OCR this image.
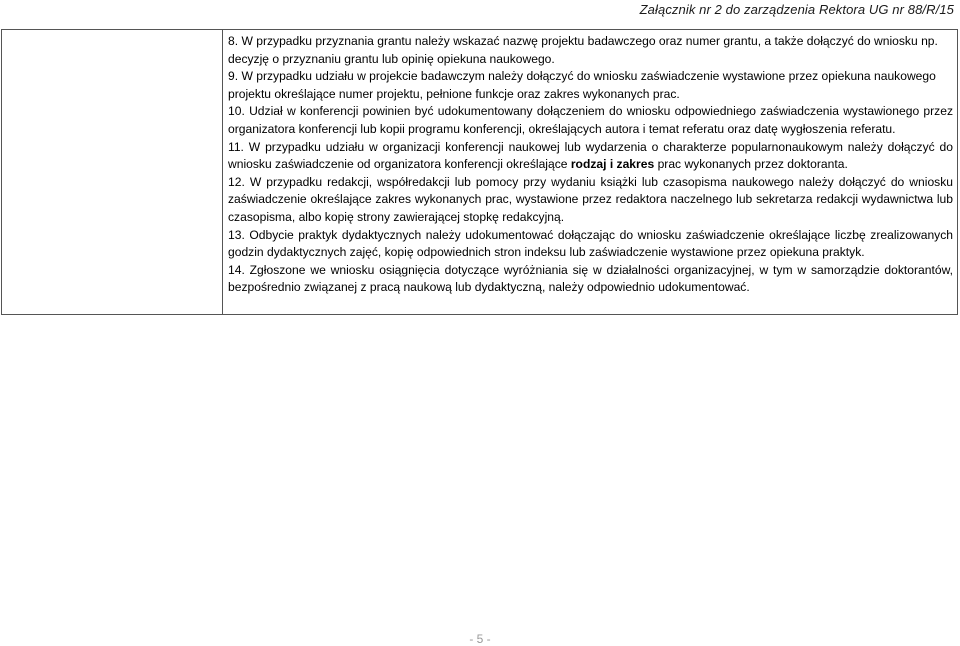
Załącznik nr 2 do zarządzenia Rektora UG nr 88/R/15

8. W przypadku przyznania grantu należy wskazać nazwę projektu badawczego oraz numer grantu, a także dołączyć do wniosku np. decyzję o przyznaniu grantu lub opinię opiekuna naukowego.

9. W przypadku udziału w projekcie badawczym należy dołączyć do wniosku zaświadczenie wystawione przez opiekuna naukowego projektu określające numer projektu, pełnione funkcje oraz zakres wykonanych prac.

10. Udział w konferencji powinien być udokumentowany dołączeniem do wniosku odpowiedniego zaświadczenia wystawionego przez organizatora konferencji lub kopii programu konferencji, określających autora i temat referatu oraz datę wygłoszenia referatu.

11. W przypadku udziału w organizacji konferencji naukowej lub wydarzenia o charakterze popularnonaukowym należy dołączyć do wniosku zaświadczenie od organizatora konferencji określające rodzaj i zakres prac wykonanych przez doktoranta.

12. W przypadku redakcji, współredakcji lub pomocy przy wydaniu książki lub czasopisma naukowego należy dołączyć do wniosku zaświadczenie określające zakres wykonanych prac, wystawione przez redaktora naczelnego lub sekretarza redakcji wydawnictwa lub czasopisma, albo kopię strony zawierającej stopkę redakcyjną.

13. Odbycie praktyk dydaktycznych należy udokumentować dołączając do wniosku zaświadczenie określające liczbę zrealizowanych godzin dydaktycznych zajęć, kopię odpowiednich stron indeksu lub zaświadczenie wystawione przez opiekuna praktyk.

14. Zgłoszone we wniosku osiągnięcia dotyczące wyróżniania się w działalności organizacyjnej, w tym w samorządzie doktorantów, bezpośrednio związanej z pracą naukową lub dydaktyczną, należy odpowiednio udokumentować.

- 5 -
